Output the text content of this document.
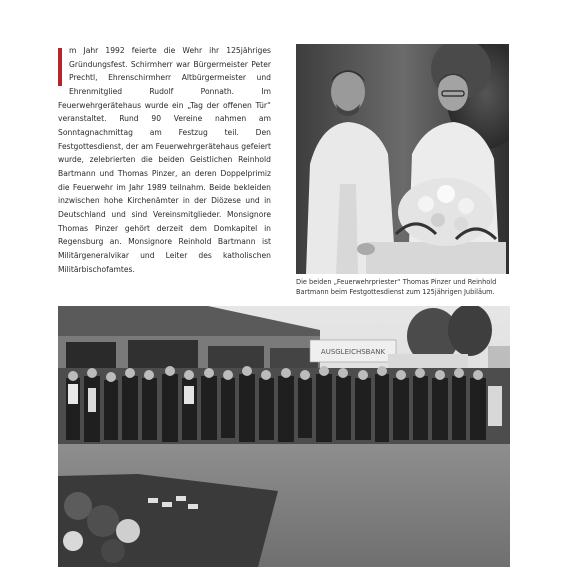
m Jahr 1992 feierte die Wehr ihr 125jähriges Gründungsfest. Schirmherr war Bürgermeister Peter Prechtl, Ehrenschirmherr Altbürgermeister und Ehrenmitglied Rudolf Ponnath. Im Feuerwehrgerätehaus wurde ein „Tag der offenen Tür“ veranstaltet. Rund 90 Vereine nahmen am Sonntagnachmittag am Festzug teil. Den Festgottesdienst, der am Feuerwehrgerätehaus gefeiert wurde, zelebrierten die beiden Geistlichen Reinhold Bartmann und Thomas Pinzer, an deren Doppelprimiz die Feuerwehr im Jahr 1989 teilnahm. Beide bekleiden inzwischen hohe Kirchenämter in der Diözese und in Deutschland und sind Vereinsmitglieder. Monsignore Thomas Pinzer gehört derzeit dem Domkapitel in Regensburg an. Monsignore Reinhold Bartmann ist Militärgeneralvikar und Leiter des katholischen Militärbischofamtes.

Die beiden „Feuerwehrpriester“ Thomas Pinzer und Reinhold
Bartmann beim Festgottesdienst zum 125jährigen Jubiläum.
AUSGLEICHSBANK
